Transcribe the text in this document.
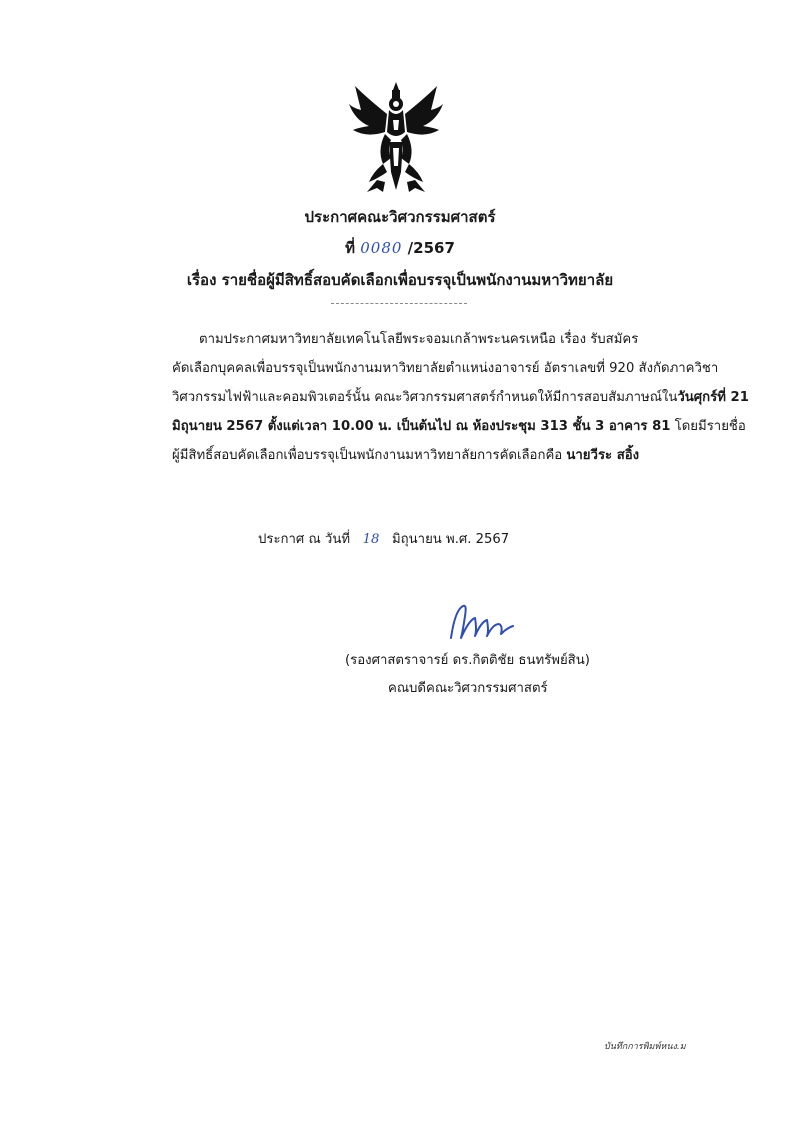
ประกาศคณะวิศวกรรมศาสตร์
ที่ 0080 /2567
เรื่อง รายชื่อผู้มีสิทธิ์สอบคัดเลือกเพื่อบรรจุเป็นพนักงานมหาวิทยาลัย
ตามประกาศมหาวิทยาลัยเทคโนโลยีพระจอมเกล้าพระนครเหนือ เรื่อง รับสมัคร
คัดเลือกบุคคลเพื่อบรรจุเป็นพนักงานมหาวิทยาลัยตำแหน่งอาจารย์ อัตราเลขที่ 920 สังกัดภาควิชา
วิศวกรรมไฟฟ้าและคอมพิวเตอร์นั้น คณะวิศวกรรมศาสตร์กำหนดให้มีการสอบสัมภาษณ์ในวันศุกร์ที่ 21
มิถุนายน 2567 ตั้งแต่เวลา 10.00 น. เป็นต้นไป ณ ห้องประชุม 313 ชั้น 3 อาคาร 81 โดยมีรายชื่อ
ผู้มีสิทธิ์สอบคัดเลือกเพื่อบรรจุเป็นพนักงานมหาวิทยาลัยการคัดเลือกคือ นายวีระ สอิ้ง
ประกาศ ณ วันที่ 18 มิถุนายน พ.ศ. 2567
(รองศาสตราจารย์ ดร.กิตติชัย ธนทรัพย์สิน)
คณบดีคณะวิศวกรรมศาสตร์
บันทึกการพิมพ์หนง.ม
